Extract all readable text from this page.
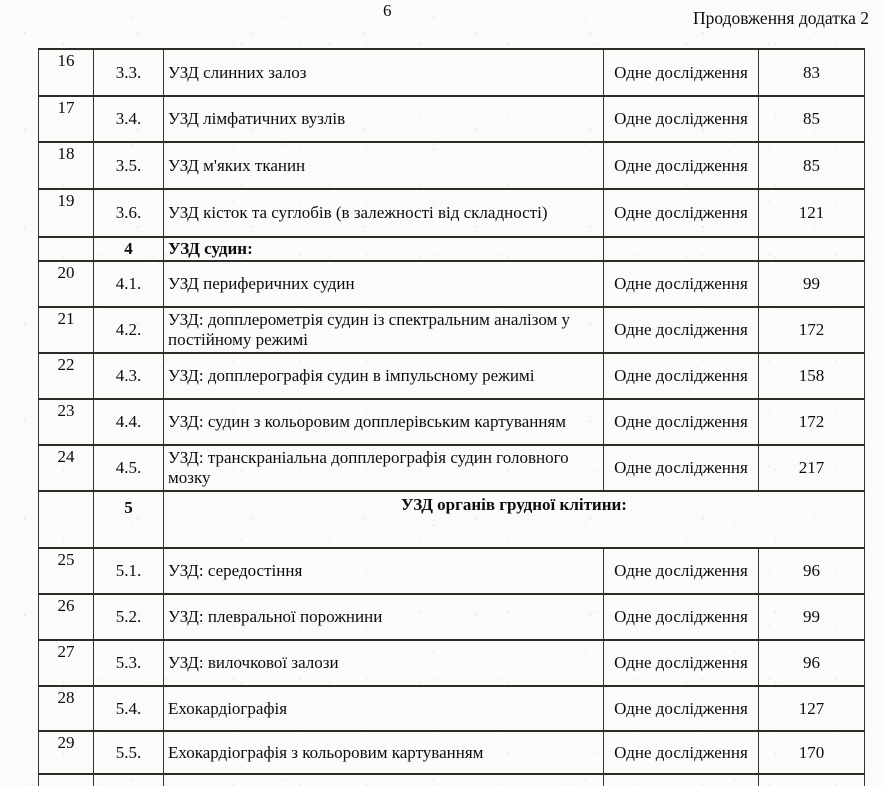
6	Продовження додатка 2
16	3.3.	УЗД слинних залоз	Одне дослідження	83
17	3.4.	УЗД лімфатичних вузлів	Одне дослідження	85
18	3.5.	УЗД м'яких тканин	Одне дослідження	85
19	3.6.	УЗД кісток та суглобів (в залежності від складності)	Одне дослідження	121
	4	УЗД судин:		
20	4.1.	УЗД периферичних судин	Одне дослідження	99
21	4.2.	УЗД: допплерометрія судин із спектральним аналізом у постійному режимі	Одне дослідження	172
22	4.3.	УЗД: допплерографія судин в імпульсному режимі	Одне дослідження	158
23	4.4.	УЗД: судин з кольоровим допплерівським картуванням	Одне дослідження	172
24	4.5.	УЗД: транскраніальна допплерографія судин головного мозку	Одне дослідження	217
	5	УЗД органів грудної клітини:		
25	5.1.	УЗД: середостіння	Одне дослідження	96
26	5.2.	УЗД: плевральної порожнини	Одне дослідження	99
27	5.3.	УЗД: вилочкової залози	Одне дослідження	96
28	5.4.	Ехокардіографія	Одне дослідження	127
29	5.5.	Ехокардіографія з кольоровим картуванням	Одне дослідження	170
